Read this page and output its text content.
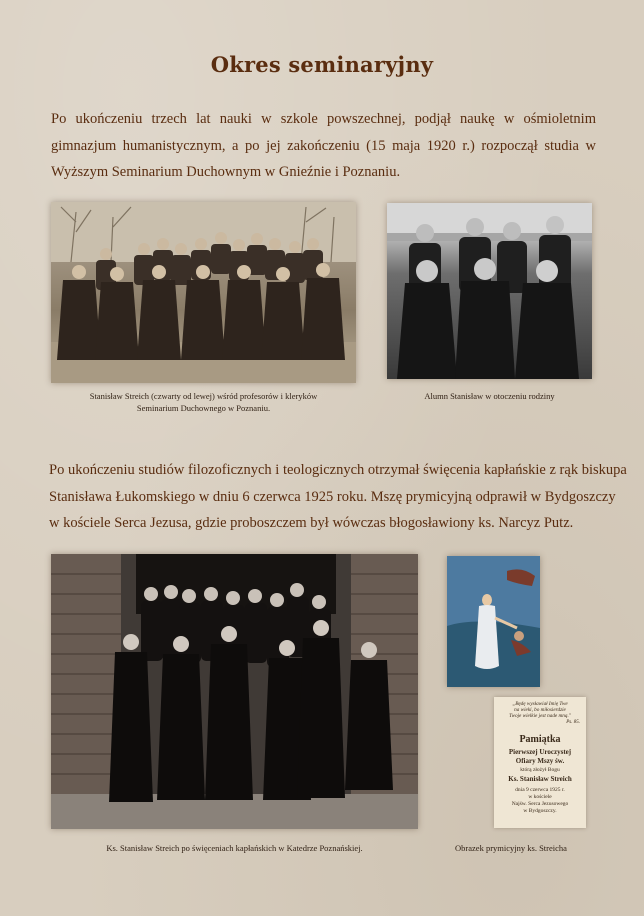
Okres seminaryjny
Po ukończeniu trzech lat nauki w szkole powszechnej, podjął naukę w ośmioletnim gimnazjum humanistycznym, a po jej zakończeniu (15 maja 1920 r.) rozpoczął studia w Wyższym Seminarium Duchownym w Gnieźnie i Poznaniu.
Stanisław Streich (czwarty od lewej) wśród profesorów i kleryków
Seminarium Duchownego w Poznaniu.
Alumn Stanisław w otoczeniu rodziny
Po ukończeniu studiów filozoficznych i teologicznych otrzymał święcenia kapłańskie z rąk biskupa
Stanisława Łukomskiego w dniu 6 czerwca 1925 roku. Mszę prymicyjną odprawił w Bydgoszczy
w kościele Serca Jezusa, gdzie proboszczem był wówczas błogosławiony ks. Narcyz Putz.
Ks. Stanisław Streich po święceniach kapłańskich w Katedrze Poznańskiej.	Obrazek prymicyjny ks. Streicha
„Będę wysławiał Imię Twe
na wieki, bo miłosierdzie
Twoje wielkie jest nade mną."
Ps. 85.
Pamiątka
Pierwszej Uroczystej
Ofiary Mszy św.
którą złożył Bogu
Ks. Stanisław Streich
dnia 9 czerwca 1925 r.
w kościele
Najśw. Serca Jezusowego
w Bydgoszczy.
